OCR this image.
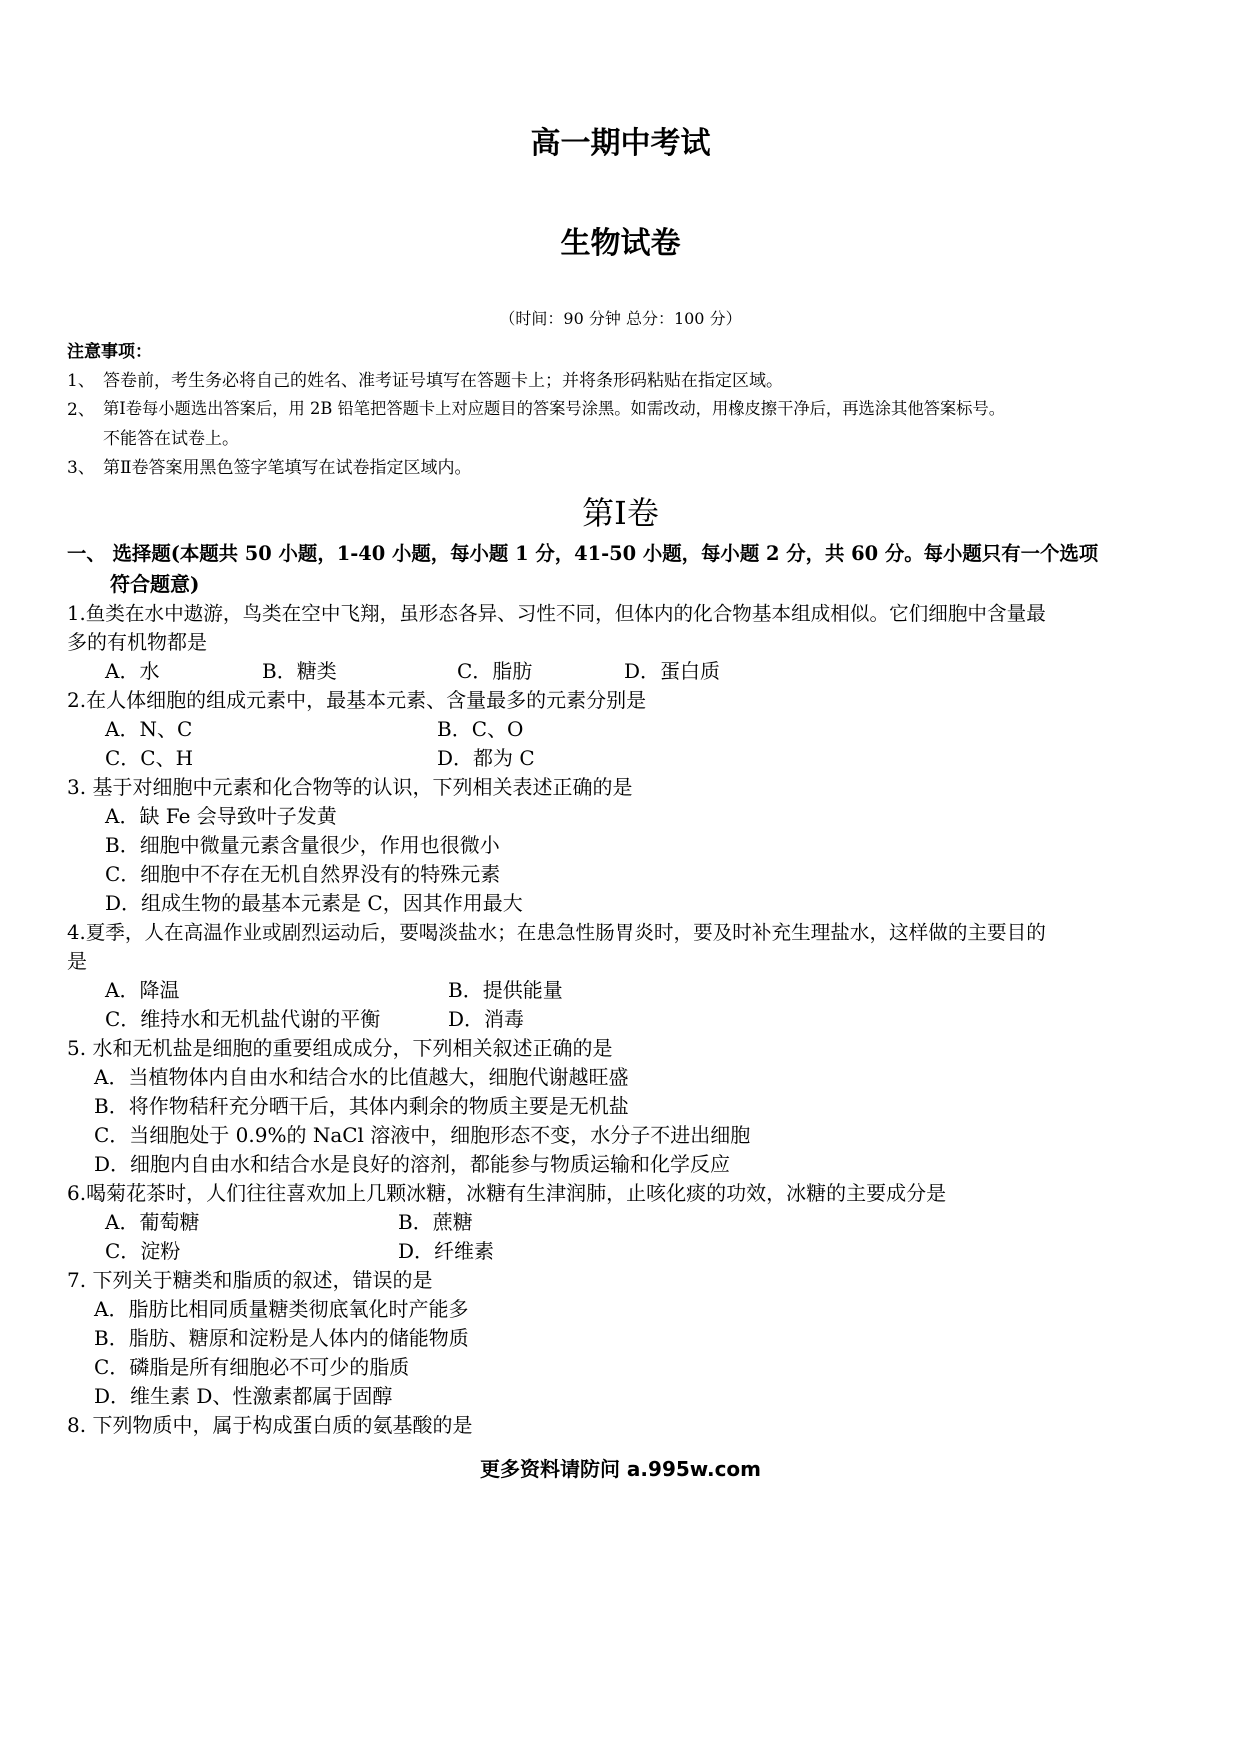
高一期中考试
生物试卷
（时间：90 分钟 总分：100 分）
注意事项：
1、 答卷前，考生务必将自己的姓名、准考证号填写在答题卡上；并将条形码粘贴在指定区域。
2、 第Ⅰ卷每小题选出答案后，用 2B 铅笔把答题卡上对应题目的答案号涂黑。如需改动，用橡皮擦干净后，再选涂其他答案标号。
不能答在试卷上。
3、 第Ⅱ卷答案用黑色签字笔填写在试卷指定区域内。
第Ⅰ卷
一、 选择题(本题共 50 小题，1-40 小题，每小题 1 分，41-50 小题，每小题 2 分，共 60 分。每小题只有一个选项
符合题意)
1.鱼类在水中遨游，鸟类在空中飞翔，虽形态各异、习性不同，但体内的化合物基本组成相似。它们细胞中含量最
多的有机物都是
A．水	B．糖类	C．脂肪	D．蛋白质
2.在人体细胞的组成元素中，最基本元素、含量最多的元素分别是
A．N、C	B．C、O
C．C、H	D．都为 C
3. 基于对细胞中元素和化合物等的认识，下列相关表述正确的是
A．缺 Fe 会导致叶子发黄
B．细胞中微量元素含量很少，作用也很微小
C．细胞中不存在无机自然界没有的特殊元素
D．组成生物的最基本元素是 C，因其作用最大
4.夏季，人在高温作业或剧烈运动后，要喝淡盐水；在患急性肠胃炎时，要及时补充生理盐水，这样做的主要目的
是
A．降温	B．提供能量
C．维持水和无机盐代谢的平衡	D．消毒
5. 水和无机盐是细胞的重要组成成分，下列相关叙述正确的是
A．当植物体内自由水和结合水的比值越大，细胞代谢越旺盛
B．将作物秸秆充分晒干后，其体内剩余的物质主要是无机盐
C．当细胞处于 0.9%的 NaCl 溶液中，细胞形态不变，水分子不进出细胞
D．细胞内自由水和结合水是良好的溶剂，都能参与物质运输和化学反应
6.喝菊花茶时，人们往往喜欢加上几颗冰糖，冰糖有生津润肺，止咳化痰的功效，冰糖的主要成分是
A．葡萄糖	B．蔗糖
C．淀粉	D．纤维素
7. 下列关于糖类和脂质的叙述，错误的是
A．脂肪比相同质量糖类彻底氧化时产能多
B．脂肪、糖原和淀粉是人体内的储能物质
C．磷脂是所有细胞必不可少的脂质
D．维生素 D、性激素都属于固醇
8. 下列物质中，属于构成蛋白质的氨基酸的是
更多资料请防问 a.995w.com
